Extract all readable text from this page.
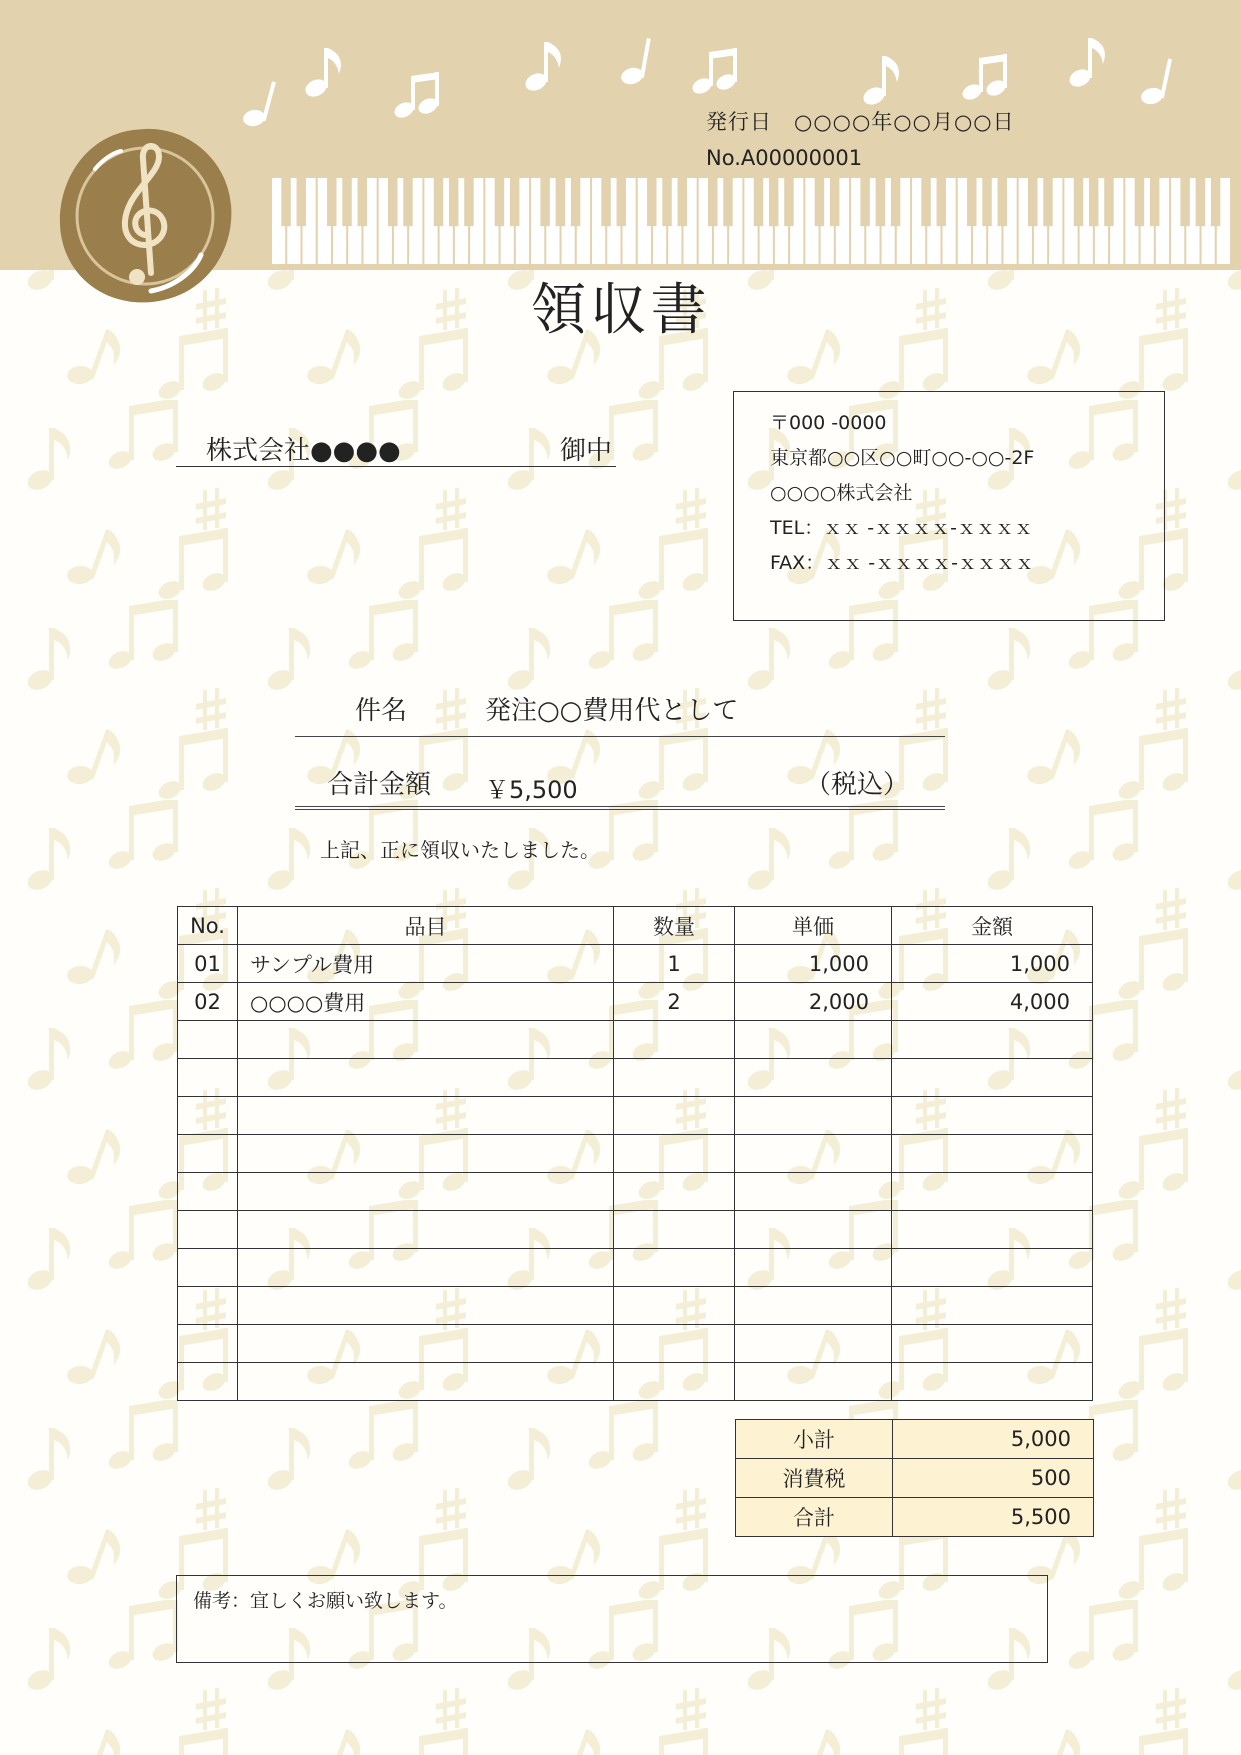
発行日 ○○○○年○○月○○日
No.A00000001
領収書
株式会社●●●●	御中
〒000 -0000
東京都○○区○○町○○-○○-2F
○○○○株式会社
TEL：ｘｘ -ｘｘｘｘ-ｘｘｘｘ
FAX：ｘｘ -ｘｘｘｘ-ｘｘｘｘ
件名	発注○○費用代として
合計金額 ￥5,500	（税込）
上記、正に領収いたしました。
No.	品目	数量	単価	金額
01	サンプル費用	1	1,000	1,000
02	○○○○費用	2	2,000	4,000

小計	5,000
消費税	500
合計	5,500
備考：宜しくお願い致します。
